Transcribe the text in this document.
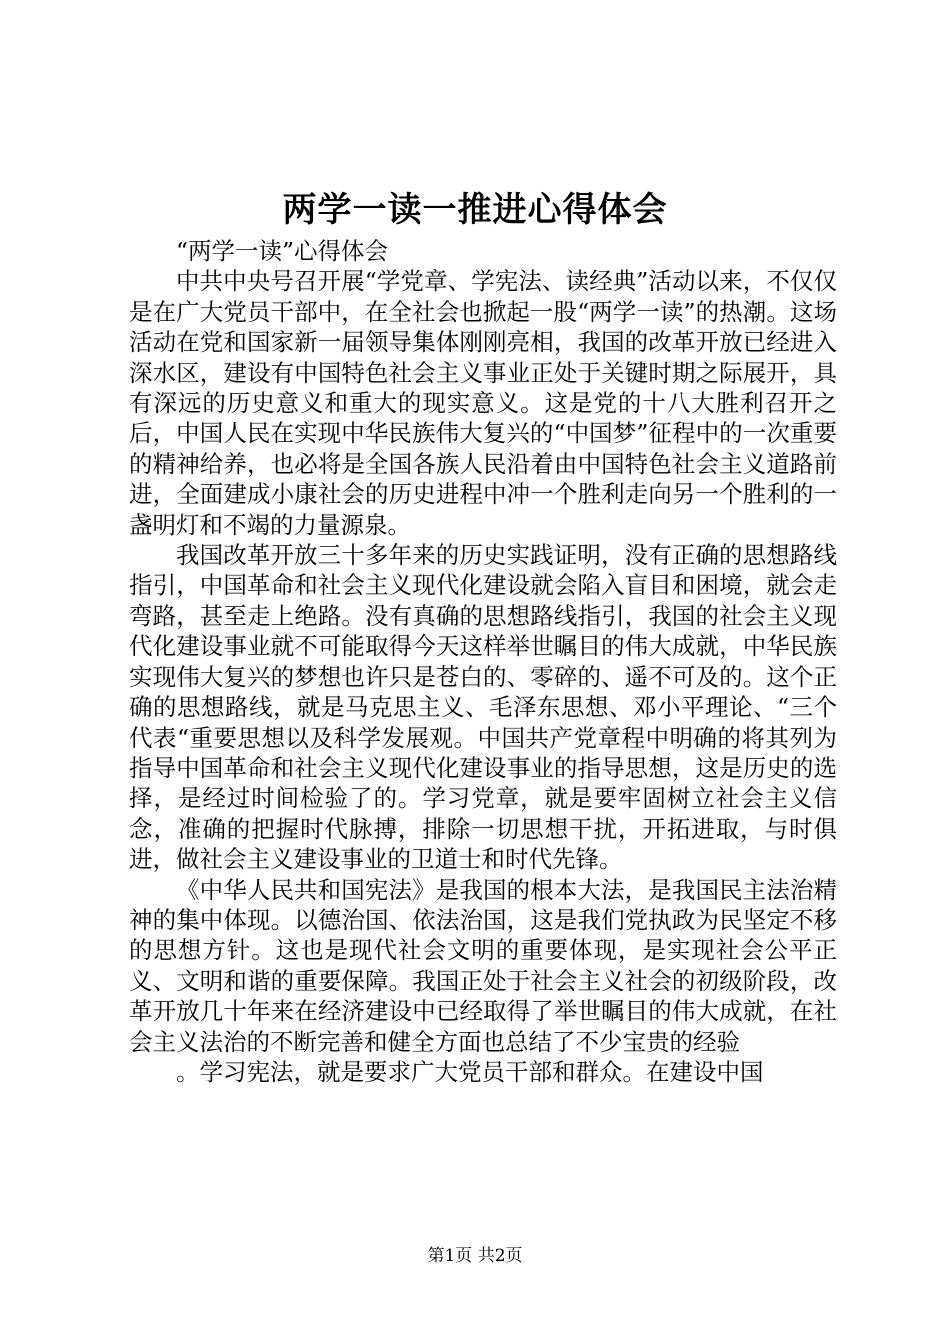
两学一读一推进心得体会

“两学一读”心得体会

中共中央号召开展“学党章、学宪法、读经典”活动以来，不仅仅是在广大党员干部中，在全社会也掀起一股“两学一读”的热潮。这场活动在党和国家新一届领导集体刚刚亮相，我国的改革开放已经进入深水区，建设有中国特色社会主义事业正处于关键时期之际展开，具有深远的历史意义和重大的现实意义。这是党的十八大胜利召开之后，中国人民在实现中华民族伟大复兴的“中国梦”征程中的一次重要的精神给养，也必将是全国各族人民沿着由中国特色社会主义道路前进，全面建成小康社会的历史进程中冲一个胜利走向另一个胜利的一盏明灯和不竭的力量源泉。

我国改革开放三十多年来的历史实践证明，没有正确的思想路线指引，中国革命和社会主义现代化建设就会陷入盲目和困境，就会走弯路，甚至走上绝路。没有真确的思想路线指引，我国的社会主义现代化建设事业就不可能取得今天这样举世瞩目的伟大成就，中华民族实现伟大复兴的梦想也许只是苍白的、零碎的、遥不可及的。这个正确的思想路线，就是马克思主义、毛泽东思想、邓小平理论、“三个代表“重要思想以及科学发展观。中国共产党章程中明确的将其列为指导中国革命和社会主义现代化建设事业的指导思想，这是历史的选择，是经过时间检验了的。学习党章，就是要牢固树立社会主义信念，准确的把握时代脉搏，排除一切思想干扰，开拓进取，与时俱进，做社会主义建设事业的卫道士和时代先锋。

《中华人民共和国宪法》是我国的根本大法，是我国民主法治精神的集中体现。以德治国、依法治国，这是我们党执政为民坚定不移的思想方针。这也是现代社会文明的重要体现，是实现社会公平正义、文明和谐的重要保障。我国正处于社会主义社会的初级阶段，改革开放几十年来在经济建设中已经取得了举世瞩目的伟大成就，在社会主义法治的不断完善和健全方面也总结了不少宝贵的经验

。学习宪法，就是要求广大党员干部和群众。在建设中国

第1页 共2页
